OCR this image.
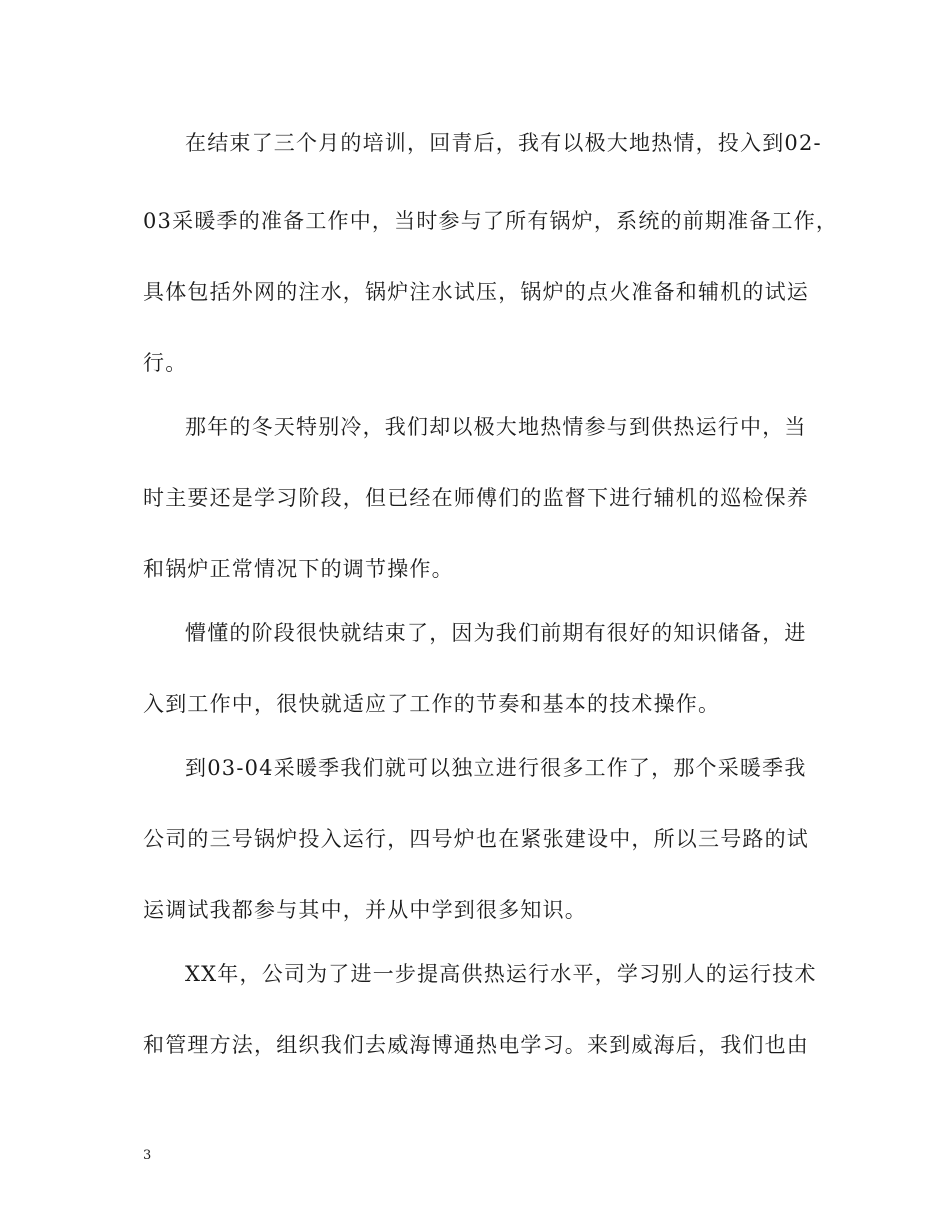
在结束了三个月的培训，回青后，我有以极大地热情，投入到02-
03采暖季的准备工作中，当时参与了所有锅炉，系统的前期准备工作，
具体包括外网的注水，锅炉注水试压，锅炉的点火准备和辅机的试运
行。
那年的冬天特别冷，我们却以极大地热情参与到供热运行中，当
时主要还是学习阶段，但已经在师傅们的监督下进行辅机的巡检保养
和锅炉正常情况下的调节操作。
懵懂的阶段很快就结束了，因为我们前期有很好的知识储备，进
入到工作中，很快就适应了工作的节奏和基本的技术操作。
到03-04采暖季我们就可以独立进行很多工作了，那个采暖季我
公司的三号锅炉投入运行，四号炉也在紧张建设中，所以三号路的试
运调试我都参与其中，并从中学到很多知识。
XX年，公司为了进一步提高供热运行水平，学习别人的运行技术
和管理方法，组织我们去威海博通热电学习。来到威海后，我们也由
3
